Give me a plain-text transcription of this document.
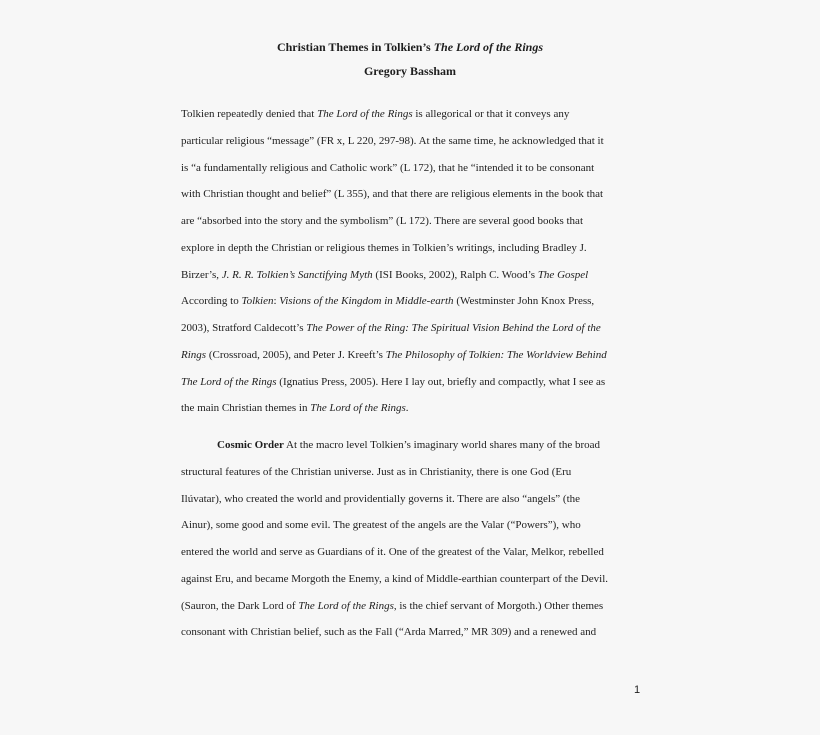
Christian Themes in Tolkien’s The Lord of the Rings
Gregory Bassham
Tolkien repeatedly denied that The Lord of the Rings is allegorical or that it conveys any
particular religious “message” (FR x, L 220, 297-98). At the same time, he acknowledged that it
is “a fundamentally religious and Catholic work” (L 172), that he “intended it to be consonant
with Christian thought and belief” (L 355), and that there are religious elements in the book that
are “absorbed into the story and the symbolism” (L 172). There are several good books that
explore in depth the Christian or religious themes in Tolkien’s writings, including Bradley J.
Birzer’s, J. R. R. Tolkien’s Sanctifying Myth (ISI Books, 2002), Ralph C. Wood’s The Gospel
According to Tolkien: Visions of the Kingdom in Middle-earth (Westminster John Knox Press,
2003), Stratford Caldecott’s The Power of the Ring: The Spiritual Vision Behind the Lord of the
Rings (Crossroad, 2005), and Peter J. Kreeft’s The Philosophy of Tolkien: The Worldview Behind
The Lord of the Rings (Ignatius Press, 2005). Here I lay out, briefly and compactly, what I see as
the main Christian themes in The Lord of the Rings.
Cosmic Order At the macro level Tolkien’s imaginary world shares many of the broad
structural features of the Christian universe. Just as in Christianity, there is one God (Eru
Ilúvatar), who created the world and providentially governs it. There are also “angels” (the
Ainur), some good and some evil. The greatest of the angels are the Valar (“Powers”), who
entered the world and serve as Guardians of it. One of the greatest of the Valar, Melkor, rebelled
against Eru, and became Morgoth the Enemy, a kind of Middle-earthian counterpart of the Devil.
(Sauron, the Dark Lord of The Lord of the Rings, is the chief servant of Morgoth.) Other themes
consonant with Christian belief, such as the Fall (“Arda Marred,” MR 309) and a renewed and
1
